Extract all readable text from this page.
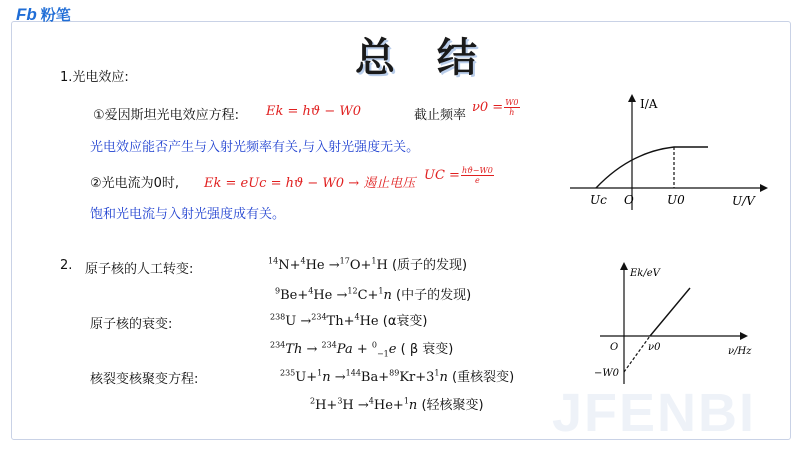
JFENBI
Fb 粉笔
总 结
1.光电效应:
①爱因斯坦光电效应方程: Ek = hϑ − W0	截止频率
$\nu 0 = \frac{W0}{h}$
光电效应能否产生与入射光频率有关,与入射光强度无关。
②光电流为0时, Ek = eUc = hϑ − W0 → 遏止电压
UC = $\frac{hϑ-W0}{e}$
饱和光电流与入射光强度成有关。
I/A
U/V
Uc O	U0
2. 原子核的人工转变:
$^{14}$N+$^4$He →$^{17}$O+$^1$H (质子的发现)
$^9$Be+$^4$He →$^{12}$C+$^1$n (中子的发现)
原子核的衰变:	$^{238}$U →$^{234}$Th+$^4$He (α衰变)
$^{234}$Th → $^{234}$Pa + $^0_{-1}$e ( β 衰变)
核裂变核聚变方程:	$^{235}U+^1n \to^{144}Ba+^{89}Kr+3^1n$ (重核裂变)
$^2$H+$^3$H →$^4$He+$^1$n (轻核聚变)
Ek/eV
ν/Hz
O	ν0
−W0
